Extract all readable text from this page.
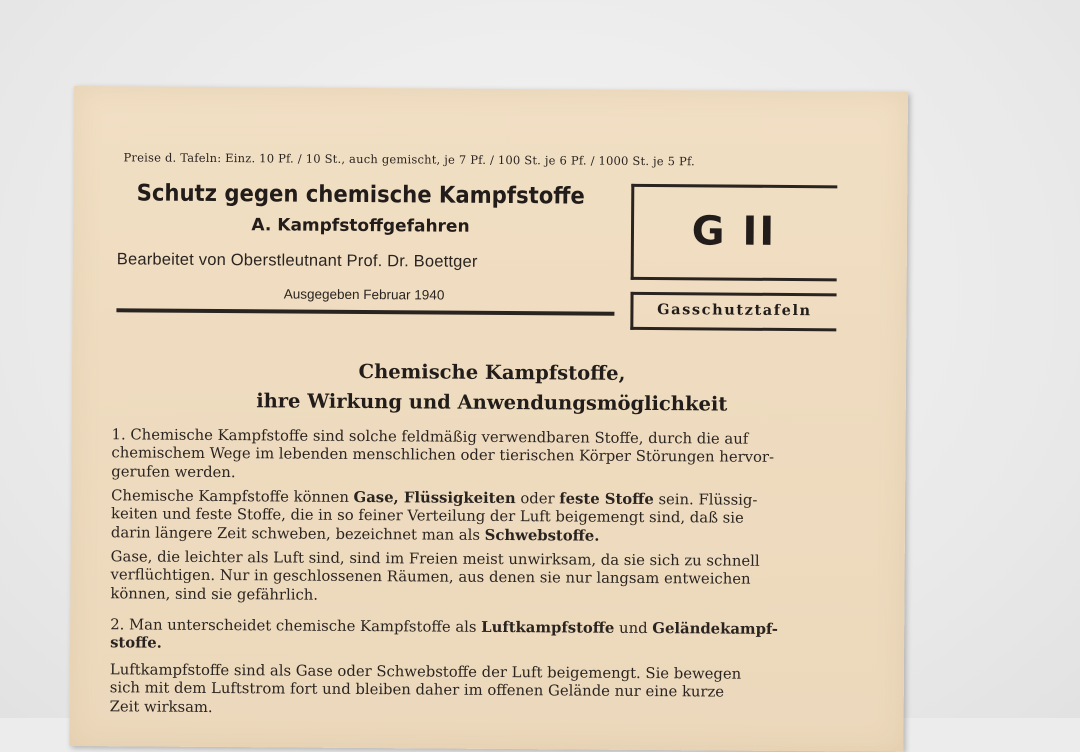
Preise d. Tafeln: Einz. 10 Pf. / 10 St., auch gemischt, je 7 Pf. / 100 St. je 6 Pf. / 1000 St. je 5 Pf.
Schutz gegen chemische Kampfstoffe
A. Kampfstoffgefahren
Bearbeitet von Oberstleutnant Prof. Dr. Boettger
Ausgegeben Februar 1940
G II
Gasschutztafeln
Chemische Kampfstoffe,
ihre Wirkung und Anwendungsmöglichkeit
1. Chemische Kampfstoffe sind solche feldmäßig verwendbaren Stoffe, durch die auf
chemischem Wege im lebenden menschlichen oder tierischen Körper Störungen hervor-
gerufen werden.
Chemische Kampfstoffe können Gase, Flüssigkeiten oder feste Stoffe sein. Flüssig-
keiten und feste Stoffe, die in so feiner Verteilung der Luft beigemengt sind, daß sie
darin längere Zeit schweben, bezeichnet man als Schwebstoffe.
Gase, die leichter als Luft sind, sind im Freien meist unwirksam, da sie sich zu schnell
verflüchtigen. Nur in geschlossenen Räumen, aus denen sie nur langsam entweichen
können, sind sie gefährlich.
2. Man unterscheidet chemische Kampfstoffe als Luftkampfstoffe und Geländekampf-
stoffe.
Luftkampfstoffe sind als Gase oder Schwebstoffe der Luft beigemengt. Sie bewegen
sich mit dem Luftstrom fort und bleiben daher im offenen Gelände nur eine kurze
Zeit wirksam.
